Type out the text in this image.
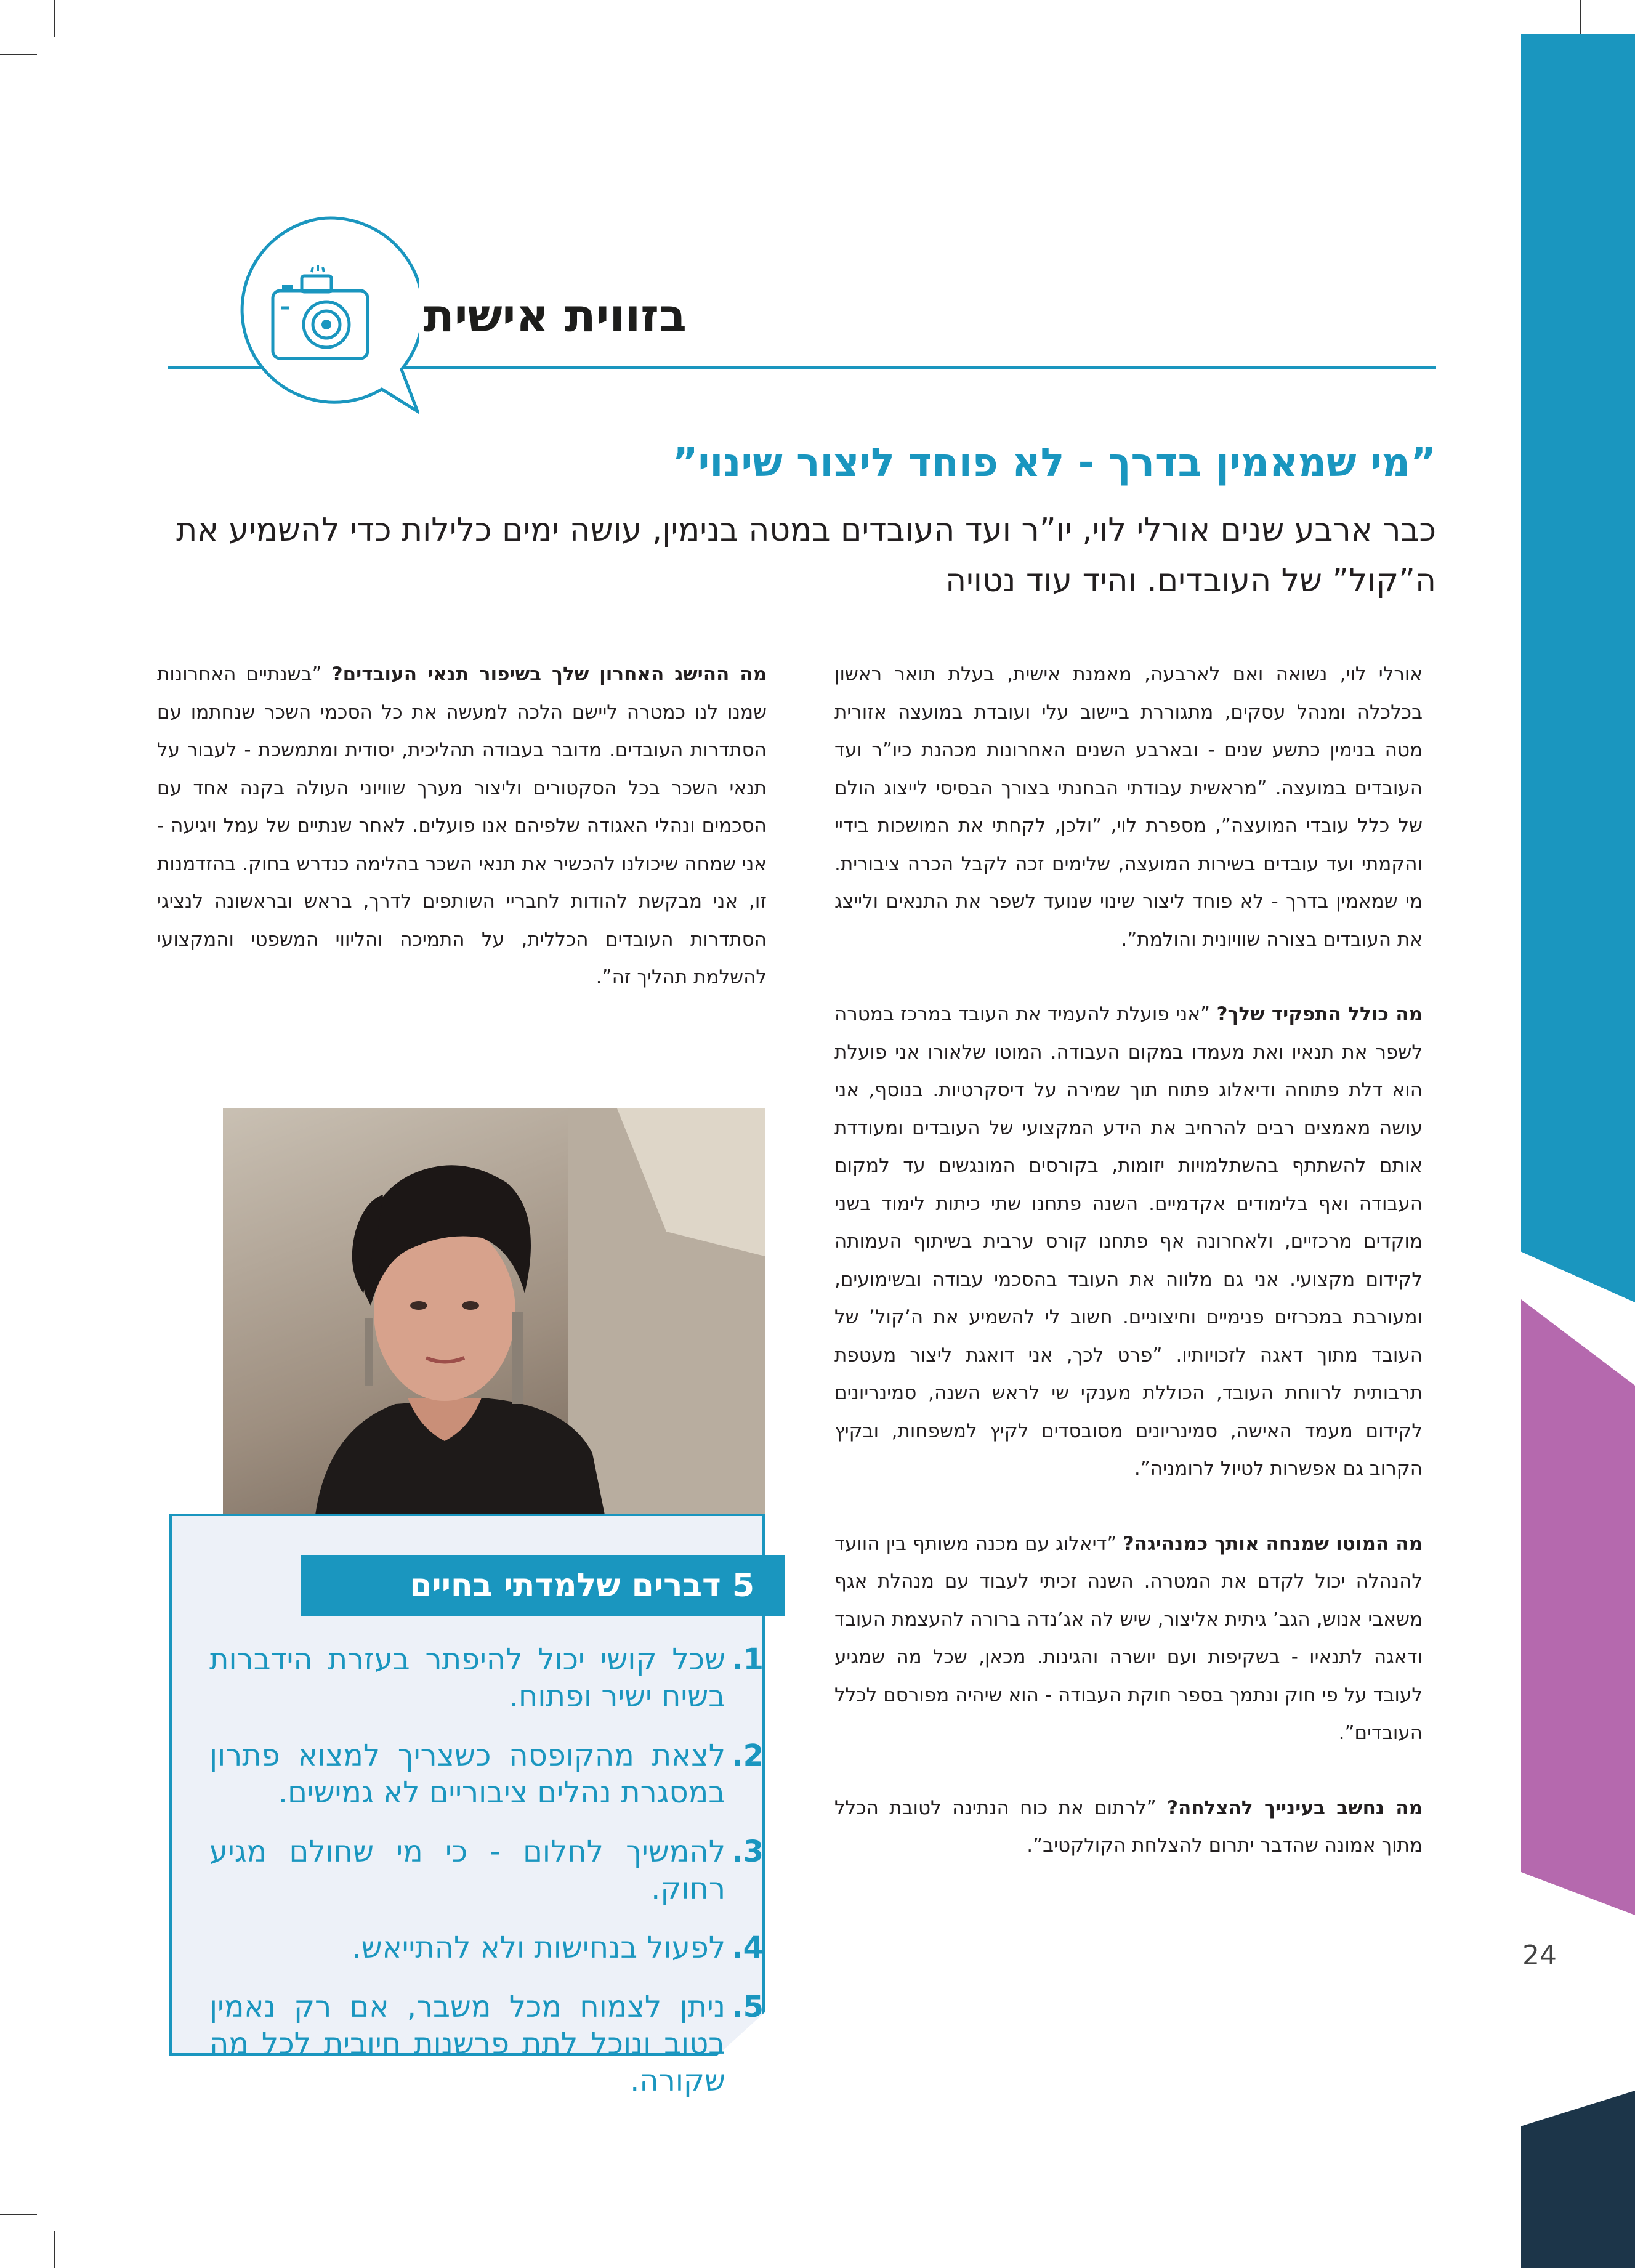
24
בזווית אישית
”מי שמאמין בדרך - לא פוחד ליצור שינוי”
כבר ארבע שנים אורלי לוי, יו”ר ועד העובדים במטה בנימין, עושה ימים כלילות כדי להשמיע את ה”קול” של העובדים. והיד עוד נטויה

אורלי לוי, נשואה ואם לארבעה, מאמנת אישית, בעלת תואר ראשון בכלכלה ומנהל עסקים, מתגוררת ביישוב עלי ועובדת במועצה אזורית מטה בנימין כתשע שנים - ובארבע השנים האחרונות מכהנת כיו”ר ועד העובדים במועצה. ”מראשית עבודתי הבחנתי בצורך הבסיסי לייצוג הולם של כלל עובדי המועצה”, מספרת לוי, ”ולכן, לקחתי את המושכות בידיי והקמתי ועד עובדים בשירות המועצה, שלימים זכה לקבל הכרה ציבורית. מי שמאמין בדרך - לא פוחד ליצור שינוי שנועד לשפר את התנאים ולייצג את העובדים בצורה שוויונית והולמת”.

מה כולל התפקיד שלך? ”אני פועלת להעמיד את העובד במרכז במטרה לשפר את תנאיו ואת מעמדו במקום העבודה. המוטו שלאורו אני פועלת הוא דלת פתוחה ודיאלוג פתוח תוך שמירה על דיסקרטיות. בנוסף, אני עושה מאמצים רבים להרחיב את הידע המקצועי של העובדים ומעודדת אותם להשתתף בהשתלמויות יזומות, בקורסים המונגשים עד למקום העבודה ואף בלימודים אקדמיים. השנה פתחנו שתי כיתות לימוד בשני מוקדים מרכזיים, ולאחרונה אף פתחנו קורס ערבית בשיתוף העמותה לקידום מקצועי. אני גם מלווה את העובד בהסכמי עבודה ובשימועים, ומעורבת במכרזים פנימיים וחיצוניים. חשוב לי להשמיע את ה’קול’ של העובד מתוך דאגה לזכויותיו. ”פרט לכך, אני דואגת ליצור מעטפת תרבותית לרווחת העובד, הכוללת מענקי שי לראש השנה, סמינריונים לקידום מעמד האישה, סמינריונים מסובסדים לקיץ למשפחות, ובקיץ הקרוב גם אפשרות לטיול לרומניה”.

מה המוטו שמנחה אותך כמנהיגה? ”דיאלוג עם מכנה משותף בין הוועד להנהלה יכול לקדם את המטרה. השנה זכיתי לעבוד עם מנהלת אגף משאבי אנוש, הגב’ גיתית אליצור, שיש לה אג’נדה ברורה להעצמת העובד ודאגה לתנאיו - בשקיפות ועם יושרה והגינות. מכאן, שכל מה שמגיע לעובד על פי חוק ונתמך בספר חוקת העבודה - הוא שיהיה מפורסם לכלל העובדים”.

מה נחשב בעינייך להצלחה? ”לרתום את כוח הנתינה לטובת הכלל מתוך אמונה שהדבר יתרום להצלחת הקולקטיב”.

מה ההישג האחרון שלך בשיפור תנאי העובדים? ”בשנתיים האחרונות שמנו לנו כמטרה ליישם הלכה למעשה את כל הסכמי השכר שנחתמו עם הסתדרות העובדים. מדובר בעבודה תהליכית, יסודית ומתמשכת - לעבור על תנאי השכר בכל הסקטורים וליצור מערך שוויוני העולה בקנה אחד עם הסכמים ונהלי האגודה שלפיהם אנו פועלים. לאחר שנתיים של עמל ויגיעה - אני שמחה שיכולנו להכשיר את תנאי השכר בהלימה כנדרש בחוק. בהזדמנות זו, אני מבקשת להודות לחבריי השותפים לדרך, בראש ובראשונה לנציגי הסתדרות העובדים הכללית, על התמיכה והליווי המשפטי והמקצועי להשלמת תהליך זה”.

5 דברים שלמדתי בחיים
1.
שכל קושי יכול להיפתר בעזרת הידברות בשיח ישיר ופתוח.
2.
לצאת מהקופסה כשצריך למצוא פתרון במסגרת נהלים ציבוריים לא גמישים.
3.
להמשיך לחלום - כי מי שחולם מגיע רחוק.
4.
לפעול בנחישות ולא להתייאש.
5.
ניתן לצמוח מכל משבר, אם רק נאמין בטוב ונוכל לתת פרשנות חיובית לכל מה שקורה.
